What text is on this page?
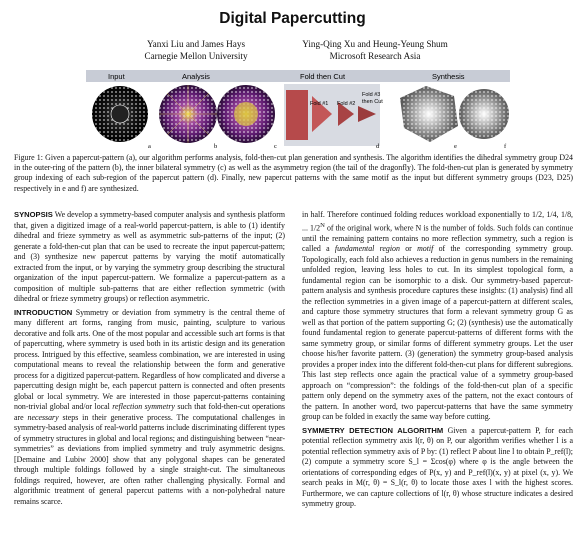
Digital Papercutting
Yanxi Liu and James Hays
Carnegie Mellon University
Ying-Qing Xu and Heung-Yeung Shum
Microsoft Research Asia
Input	Analysis	Fold then Cut	Synthesis
Fold #1 Fold #2
Fold #3
then Cut
a	b	c	d	e	f
Figure 1: Given a papercut-pattern (a), our algorithm performs analysis, fold-then-cut plan generation and synthesis. The algorithm identifies the dihedral symmetry group D24 in the outer-ring of the pattern (b), the inner bilateral symmetry (c) as well as the asymmetry region (the tail of the dragonfly). The fold-then-cut plan is generated by symmetry group indexing of each sub-region of the papercut pattern (d). Finally, new papercut patterns with the same motif as the input but different symmetry groups (D23, D25) respectively in e and f) are synthesized.

SYNOPSIS We develop a symmetry-based computer analysis and synthesis platform that, given a digitized image of a real-world papercut-pattern, is able to (1) identify dihedral and frieze symmetry as well as asymmetric sub-patterns of the input; (2) generate a fold-then-cut plan that can be used to recreate the input papercut-pattern; and (3) synthesize new papercut patterns by varying the motif automatically extracted from the input, or by varying the symmetry group describing the structural organization of the input papercut-pattern. We formalize a papercut-pattern as a composition of multiple sub-patterns that are either reflection symmetric (with dihedral or frieze symmetry groups) or reflection asymmetric.

INTRODUCTION Symmetry or deviation from symmetry is the central theme of many different art forms, ranging from music, painting, sculpture to various decorative and folk arts. One of the most popular and accessible such art forms is that of papercutting, where symmetry is used both in its artistic design and its generation process. Intrigued by this effective, seamless combination, we are interested in using computational means to reveal the relationship between the form and generative process for a digitized papercut-pattern. Regardless of how complicated and diverse a papercutting design might be, each papercut pattern is connected and often presents global or local symmetry. We are interested in those papercut-patterns containing non-trivial global and/or local reflection symmetry such that fold-then-cut operations are necessary steps in their generative process. The computational challenges in symmetry-based analysis of real-world patterns include discriminating different types of symmetry structures in global and local regions; and distinguishing between “near-symmetries” as deviations from implied symmetry and truly asymmetric designs. [Demaine and Lubiw 2000] show that any polygonal shapes can be generated through multiple foldings followed by a single straight-cut. The simultaneous foldings required, however, are often rather challenging physically. Formal and algorithmic treatment of general papercut patterns with a non-polyhedral nature remains scarce.

in half. Therefore continued folding reduces workload exponentially to 1/2, 1/4, 1/8, ... $1/2^N$ of the original work, where N is the number of folds. Such folds can continue until the remaining pattern contains no more reflection symmetry, such a region is called a fundamental region or motif of the corresponding symmetry group. Topologically, each fold also achieves a reduction in genus numbers in the remaining unfolded region, leaving less holes to cut. In its simplest topological form, a fundamental region can be isomorphic to a disk. Our symmetry-based papercut-pattern analysis and synthesis procedure captures these insights: (1) analysis) find all the reflection symmetries in a given image of a papercut-pattern at different scales, and capture those symmetry structures that form a relevant symmetry group G as well as that portion of the pattern supporting G; (2) (synthesis) use the automatically found fundamental region to generate papercut-patterns of different forms with the same symmetry group, or similar forms of different symmetry groups. Let the user choose his/her favorite pattern. (3) (generation) the symmetry group-based analysis provides a proper index into the different fold-then-cut plans for different subregions. This last step reflects once again the practical value of a symmetry group-based approach on “compression”: the foldings of the fold-then-cut plan of a specific pattern only depend on the symmetry axes of the pattern, not the exact contours of the pattern. In another word, two papercut-patterns that have the same symmetry group can be folded in exactly the same way before cutting.

SYMMETRY DETECTION ALGORITHM Given a papercut-pattern P, for each potential reflection symmetry axis l(r, θ) on P, our algorithm verifies whether l is a potential reflection symmetry axis of P by: (1) reflect P about line l to obtain P_ref(l); (2) compute a symmetry score S_l = Σcos(φ) where φ is the angle between the orientations of corresponding edges of P(x, y) and P_ref(l)(x, y) at pixel (x, y). We search peaks in M(r, θ) = S_l(r, θ) to locate those axes l with the highest scores. Furthermore, we can capture collections of l(r, θ) whose structure indicates a desired symmetry group.
